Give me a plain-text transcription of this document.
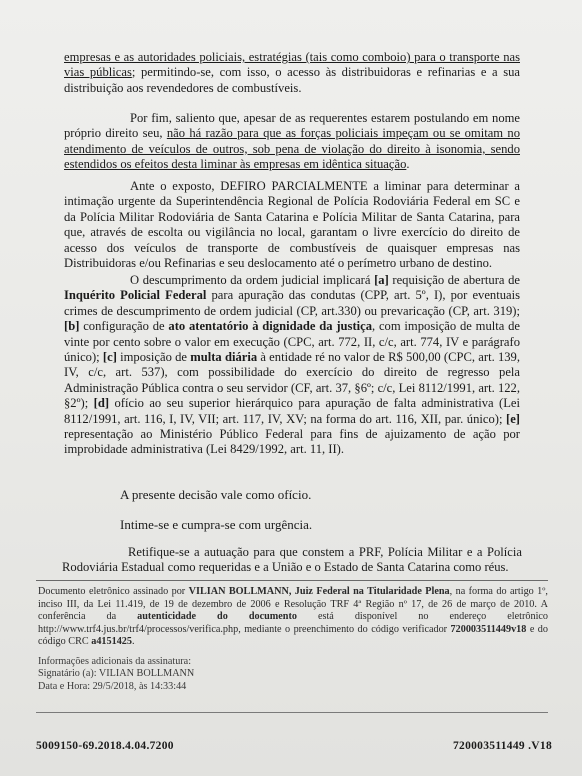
empresas e as autoridades policiais, estratégias (tais como comboio) para o transporte nas vias públicas; permitindo-se, com isso, o acesso às distribuidoras e refinarias e a sua distribuição aos revendedores de combustíveis.

Por fim, saliento que, apesar de as requerentes estarem postulando em nome próprio direito seu, não há razão para que as forças policiais impeçam ou se omitam no atendimento de veículos de outros, sob pena de violação do direito à isonomia, sendo estendidos os efeitos desta liminar às empresas em idêntica situação.

Ante o exposto, DEFIRO PARCIALMENTE a liminar para determinar a intimação urgente da Superintendência Regional de Polícia Rodoviária Federal em SC e da Polícia Militar Rodoviária de Santa Catarina e Polícia Militar de Santa Catarina, para que, através de escolta ou vigilância no local, garantam o livre exercício do direito de acesso dos veículos de transporte de combustíveis de quaisquer empresas nas Distribuidoras e/ou Refinarias e seu deslocamento até o perímetro urbano de destino.

O descumprimento da ordem judicial implicará [a] requisição de abertura de Inquérito Policial Federal para apuração das condutas (CPP, art. 5º, I), por eventuais crimes de descumprimento de ordem judicial (CP, art.330) ou prevaricação (CP, art. 319); [b] configuração de ato atentatório à dignidade da justiça, com imposição de multa de vinte por cento sobre o valor em execução (CPC, art. 772, II, c/c, art. 774, IV e parágrafo único); [c] imposição de multa diária à entidade ré no valor de R$ 500,00 (CPC, art. 139, IV, c/c, art. 537), com possibilidade do exercício do direito de regresso pela Administração Pública contra o seu servidor (CF, art. 37, §6º; c/c, Lei 8112/1991, art. 122, §2º); [d] ofício ao seu superior hierárquico para apuração de falta administrativa (Lei 8112/1991, art. 116, I, IV, VII; art. 117, IV, XV; na forma do art. 116, XII, par. único); [e] representação ao Ministério Público Federal para fins de ajuizamento de ação por improbidade administrativa (Lei 8429/1992, art. 11, II).

A presente decisão vale como ofício.

Intime-se e cumpra-se com urgência.

Retifique-se a autuação para que constem a PRF, Polícia Militar e a Polícia Rodoviária Estadual como requeridas e a União e o Estado de Santa Catarina como réus.

Documento eletrônico assinado por VILIAN BOLLMANN, Juiz Federal na Titularidade Plena, na forma do artigo 1º, inciso III, da Lei 11.419, de 19 de dezembro de 2006 e Resolução TRF 4ª Região nº 17, de 26 de março de 2010. A conferência da autenticidade do documento está disponível no endereço eletrônico http://www.trf4.jus.br/trf4/processos/verifica.php, mediante o preenchimento do código verificador 720003511449v18 e do código CRC a4151425.

Informações adicionais da assinatura:
Signatário (a): VILIAN BOLLMANN
Data e Hora: 29/5/2018, às 14:33:44

5009150-69.2018.4.04.7200	720003511449 .V18
